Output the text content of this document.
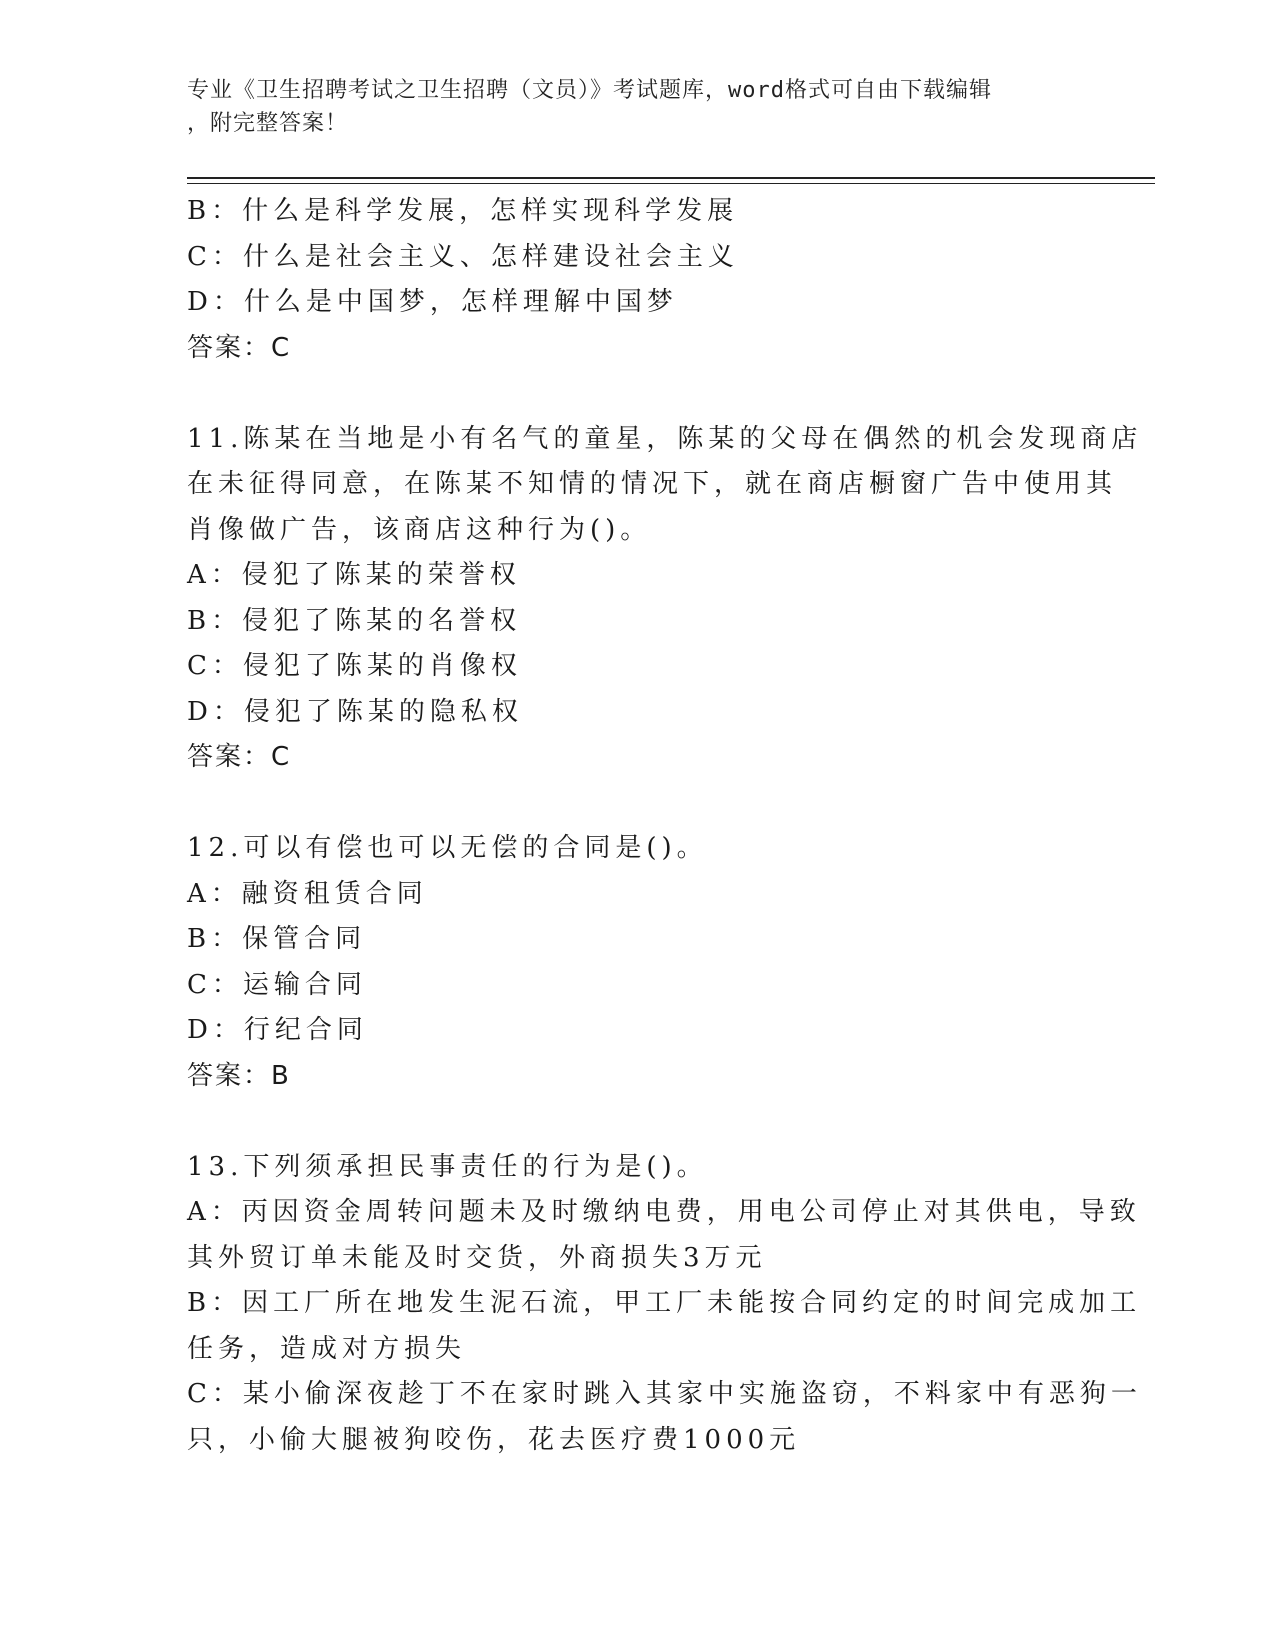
专业《卫生招聘考试之卫生招聘（文员）》考试题库，word格式可自由下载编辑
，附完整答案！
B：什么是科学发展，怎样实现科学发展
C：什么是社会主义、怎样建设社会主义
D：什么是中国梦，怎样理解中国梦
答案：C
11.陈某在当地是小有名气的童星，陈某的父母在偶然的机会发现商店
在未征得同意，在陈某不知情的情况下，就在商店橱窗广告中使用其
肖像做广告，该商店这种行为()。
A：侵犯了陈某的荣誉权
B：侵犯了陈某的名誉权
C：侵犯了陈某的肖像权
D：侵犯了陈某的隐私权
答案：C
12.可以有偿也可以无偿的合同是()。
A：融资租赁合同
B：保管合同
C：运输合同
D：行纪合同
答案：B
13.下列须承担民事责任的行为是()。
A：丙因资金周转问题未及时缴纳电费，用电公司停止对其供电，导致
其外贸订单未能及时交货，外商损失3万元
B：因工厂所在地发生泥石流，甲工厂未能按合同约定的时间完成加工
任务，造成对方损失
C：某小偷深夜趁丁不在家时跳入其家中实施盗窃，不料家中有恶狗一
只，小偷大腿被狗咬伤，花去医疗费1000元
